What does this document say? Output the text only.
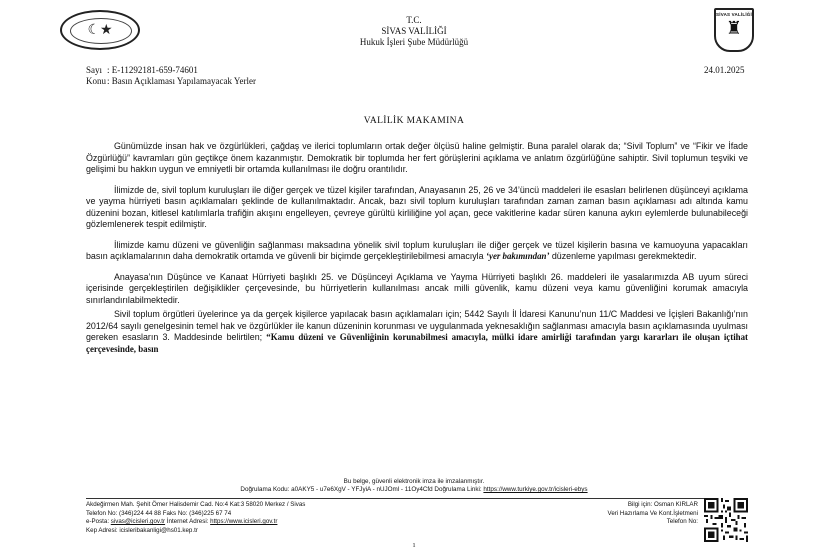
☾★
SİVAS VALİLİĞİ
♜
T.C.
SİVAS VALİLİĞİ
Hukuk İşleri Şube Müdürlüğü
Sayı : E-11292181-659-74601
Konu : Basın Açıklaması Yapılamayacak Yerler
24.01.2025
VALİLİK MAKAMINA

Günümüzde insan hak ve özgürlükleri, çağdaş ve ilerici toplumların ortak değer ölçüsü haline gelmiştir. Buna paralel olarak da; “Sivil Toplum” ve “Fikir ve İfade Özgürlüğü” kavramları gün geçtikçe önem kazanmıştır. Demokratik bir toplumda her fert görüşlerini açıklama ve anlatım özgürlüğüne sahiptir. Sivil toplumun teşviki ve gelişimi bu hakkın uygun ve emniyetli bir ortamda kullanılması ile doğru orantılıdır.

İlimizde de, sivil toplum kuruluşları ile diğer gerçek ve tüzel kişiler tarafından, Anayasanın 25, 26 ve 34’üncü maddeleri ile esasları belirlenen düşünceyi açıklama ve yayma hürriyeti basın açıklamaları şeklinde de kullanılmaktadır. Ancak, bazı sivil toplum kuruluşları tarafından zaman zaman basın açıklaması adı altında kamu düzenini bozan, kitlesel katılımlarla trafiğin akışını engelleyen, çevreye gürültü kirliliğine yol açan, gece vakitlerine kadar süren kanuna aykırı eylemlerde bulunabileceği gözlemlenerek tespit edilmiştir.

İlimizde kamu düzeni ve güvenliğin sağlanması maksadına yönelik sivil toplum kuruluşları ile diğer gerçek ve tüzel kişilerin basına ve kamuoyuna yapacakları basın açıklamalarının daha demokratik ortamda ve güvenli bir biçimde gerçekleştirilebilmesi amacıyla ‘yer bakımından’ düzenleme yapılması gerekmektedir.

Anayasa’nın Düşünce ve Kanaat Hürriyeti başlıklı 25. ve Düşünceyi Açıklama ve Yayma Hürriyeti başlıklı 26. maddeleri ile yasalarımızda AB uyum süreci içerisinde gerçekleştirilen değişiklikler çerçevesinde, bu hürriyetlerin kullanılması ancak milli güvenlik, kamu düzeni veya kamu güvenliğini korumak amacıyla sınırlandırılabilmektedir.

Sivil toplum örgütleri üyelerince ya da gerçek kişilerce yapılacak basın açıklamaları için; 5442 Sayılı İl İdaresi Kanunu’nun 11/C Maddesi ve İçişleri Bakanlığı’nın 2012/64 sayılı genelgesinin temel hak ve özgürlükler ile kanun düzeninin korunması ve uygulanmada yeknesaklığın sağlanması amacıyla basın açıklamasında uyulması gereken esasların 3. Maddesinde belirtilen; “Kamu düzeni ve Güvenliğinin korunabilmesi amacıyla, mülki idare amirliği tarafından yargı kararları ile oluşan içtihat çerçevesinde, basın

Bu belge, güvenli elektronik imza ile imzalanmıştır.
Doğrulama Kodu: a0AKY5 - u7e6XgV - YFJyiA - nUJOml - 11Oy4Cfd Doğrulama Linki: https://www.turkiye.gov.tr/icisleri-ebys
Akdeğirmen Mah. Şehit Ömer Halisdemir Cad. No:4 Kat:3 58020 Merkez / Sivas
Telefon No: (346)224 44 88 Faks No: (346)225 67 74
e-Posta: sivas@icisleri.gov.tr İnternet Adresi: https://www.icisleri.gov.tr
Kep Adresi: icisleribakanligi@hs01.kep.tr
Bilgi için: Osman KIRLAR
Veri Hazırlama Ve Kont.İşletmeni
Telefon No:
1
